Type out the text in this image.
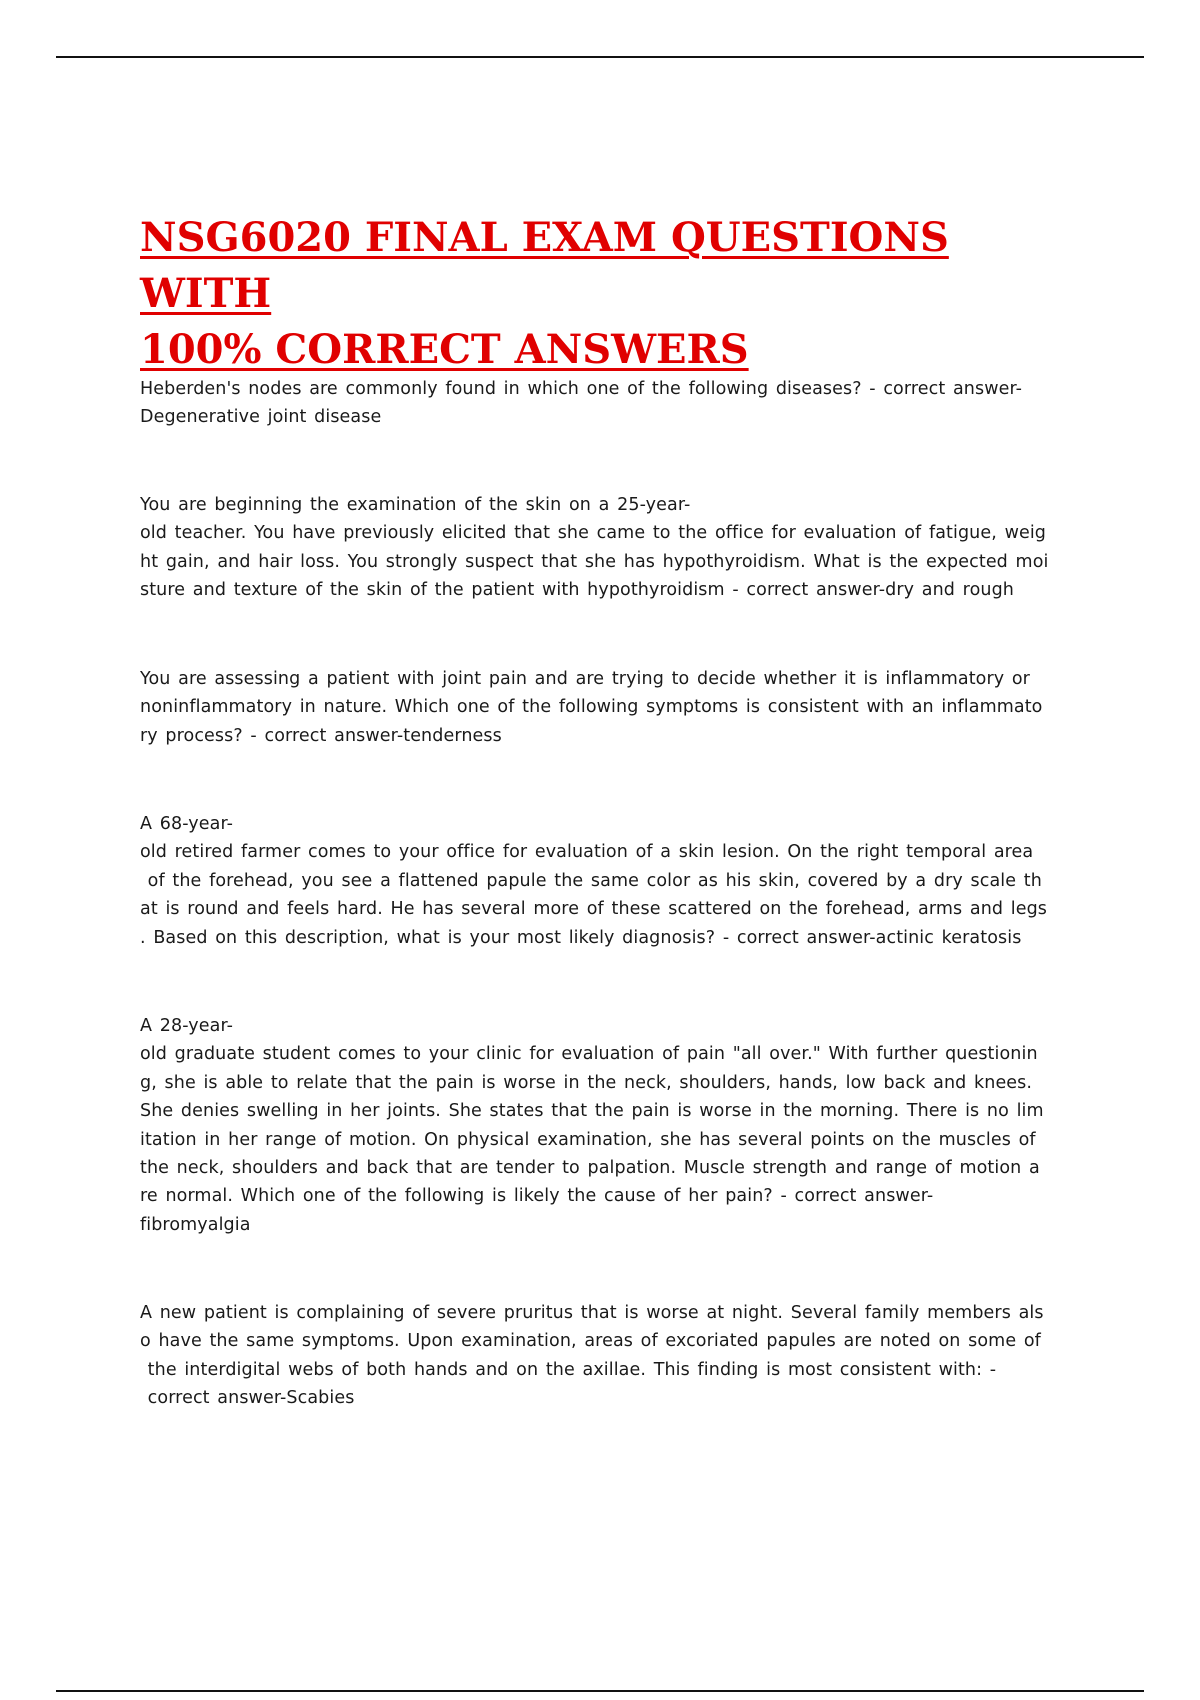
NSG6020 FINAL EXAM QUESTIONS WITH
100% CORRECT ANSWERS
Heberden's nodes are commonly found in which one of the following diseases? - correct answer-
Degenerative joint disease
You are beginning the examination of the skin on a 25-year-
old teacher. You have previously elicited that she came to the office for evaluation of fatigue, weig
ht gain, and hair loss. You strongly suspect that she has hypothyroidism. What is the expected moi
sture and texture of the skin of the patient with hypothyroidism - correct answer-dry and rough
You are assessing a patient with joint pain and are trying to decide whether it is inflammatory or
noninflammatory in nature. Which one of the following symptoms is consistent with an inflammato
ry process? - correct answer-tenderness
A 68-year-
old retired farmer comes to your office for evaluation of a skin lesion. On the right temporal area
of the forehead, you see a flattened papule the same color as his skin, covered by a dry scale th
at is round and feels hard. He has several more of these scattered on the forehead, arms and legs
. Based on this description, what is your most likely diagnosis? - correct answer-actinic keratosis
A 28-year-
old graduate student comes to your clinic for evaluation of pain "all over." With further questionin
g, she is able to relate that the pain is worse in the neck, shoulders, hands, low back and knees.
She denies swelling in her joints. She states that the pain is worse in the morning. There is no lim
itation in her range of motion. On physical examination, she has several points on the muscles of
the neck, shoulders and back that are tender to palpation. Muscle strength and range of motion a
re normal. Which one of the following is likely the cause of her pain? - correct answer-
fibromyalgia
A new patient is complaining of severe pruritus that is worse at night. Several family members als
o have the same symptoms. Upon examination, areas of excoriated papules are noted on some of
the interdigital webs of both hands and on the axillae. This finding is most consistent with: -
correct answer-Scabies
